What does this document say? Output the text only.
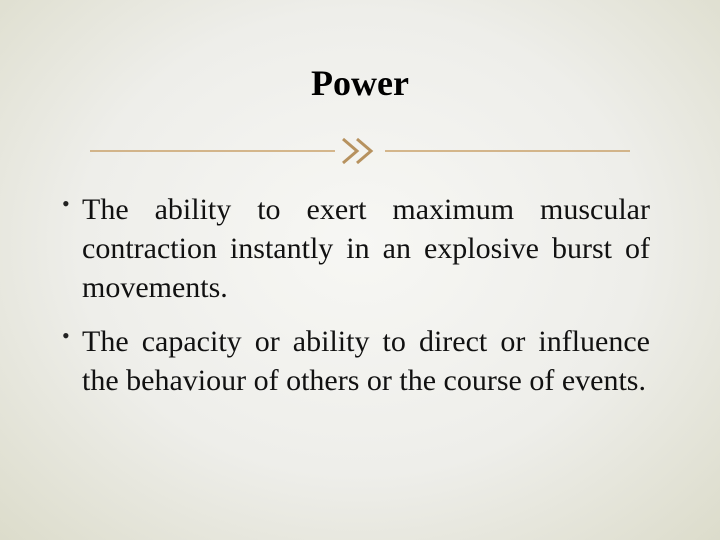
Power
• The ability to exert maximum muscular contraction instantly in an explosive burst of movements.
• The capacity or ability to direct or influence the behaviour of others or the course of events.
